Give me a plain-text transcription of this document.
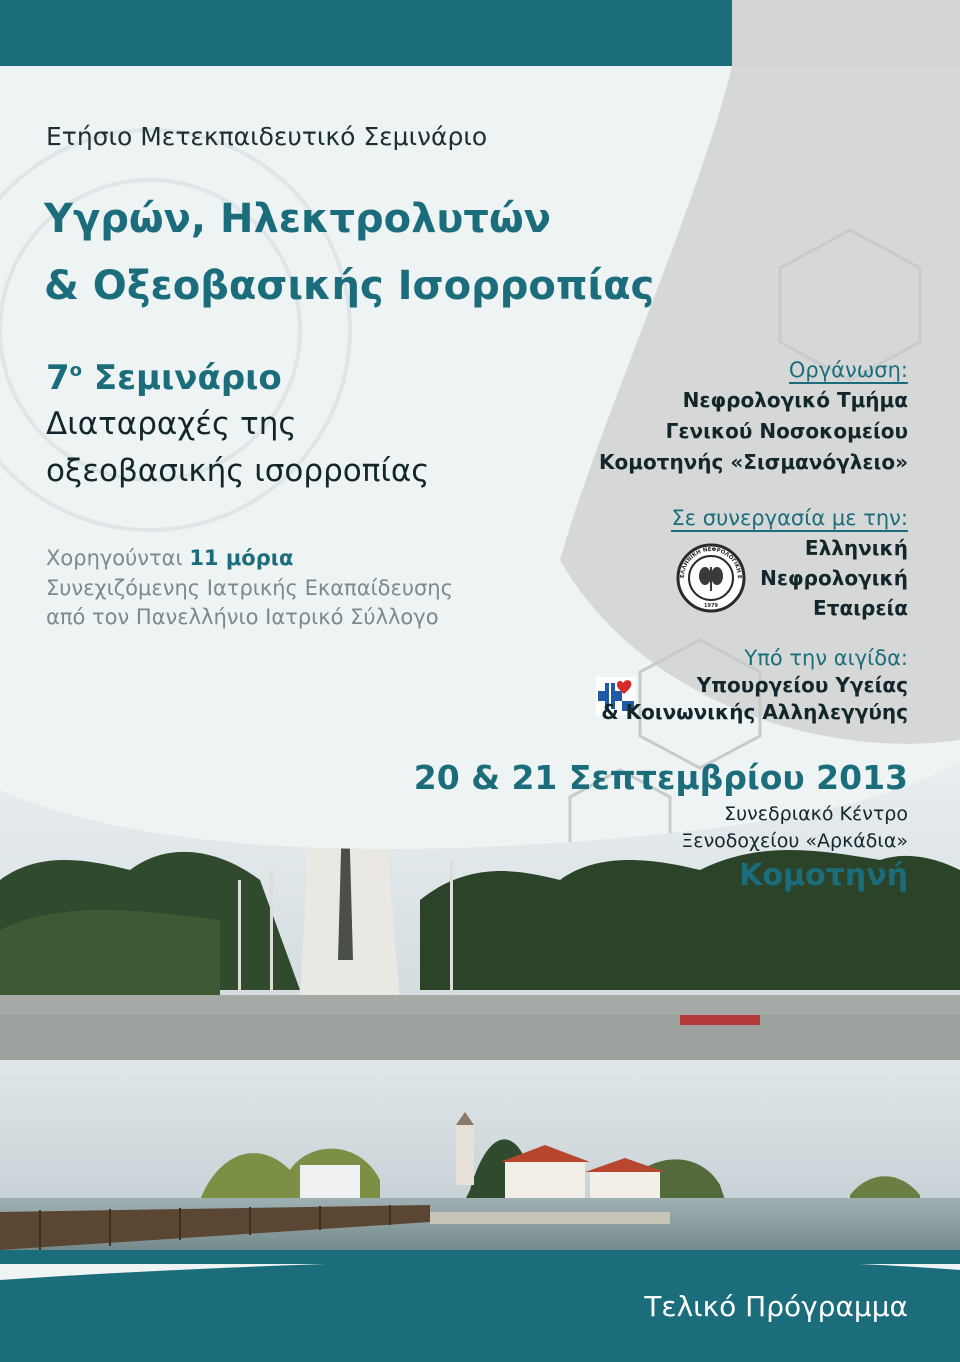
Ετήσιο Μετεκπαιδευτικό Σεμινάριο

Υγρών, Ηλεκτρολυτών

& Οξεοβασικής Ισορροπίας

$7^o$ Σεμινάριο

Διαταραχές της

οξεοβασικής ισορροπίας

Χορηγούνται 11 μόρια

Συνεχιζόμενης Ιατρικής Εκαπαίδευσης

από τον Πανελλήνιο Ιατρικό Σύλλογο

Οργάνωση:

Νεφρολογικό Τμήμα

Γενικού Νοσοκομείου

Κομοτηνής «Σισμανόγλειο»

Σε συνεργασία με την:

ΕΛΛΗΝΙΚΗ ΝΕΦΡΟΛΟΓΙΚΗ Ε
1979

Ελληνική

Νεφρολογική

Εταιρεία

Υπό την αιγίδα:

Υπουργείου Υγείας

& Κοινωνικής Αλληλεγγύης

20 & 21 Σεπτεμβρίου 2013

Συνεδριακό Κέντρο

Ξενοδοχείου «Αρκάδια»

Κομοτηνή

Τελικό Πρόγραμμα
